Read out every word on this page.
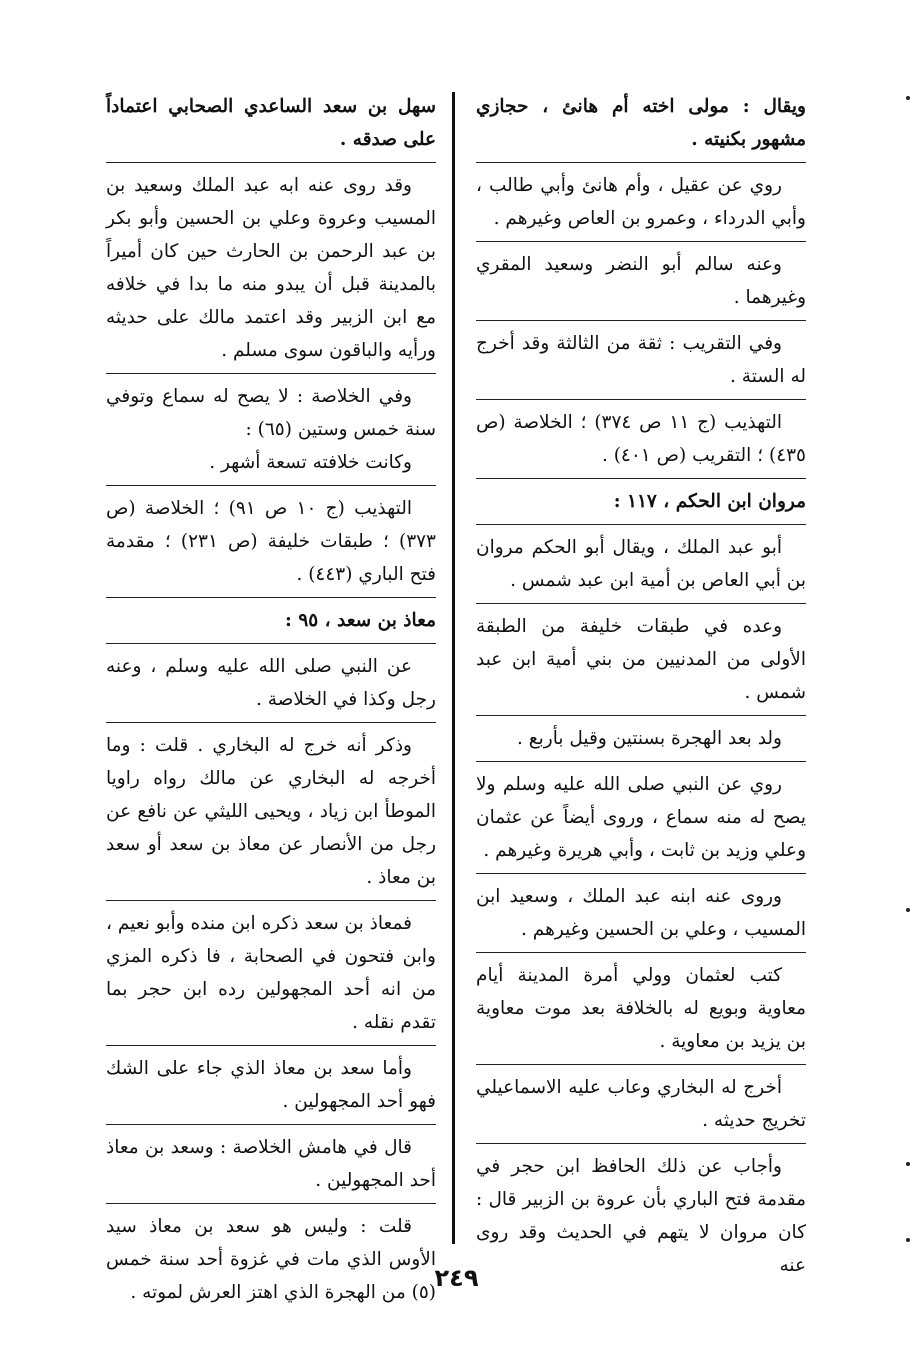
ويقال : مولى اخته أم هانئ ، حجازي مشهور بكنيته .

روي عن عقيل ، وأم هانئ وأبي طالب ، وأبي الدرداء ، وعمرو بن العاص وغيرهم .

وعنه سالم أبو النضر وسعيد المقري وغيرهما .

وفي التقريب : ثقة من الثالثة وقد أخرج له الستة .

التهذيب (ج ١١ ص ٣٧٤) ؛ الخلاصة (ص ٤٣٥) ؛ التقريب (ص ٤٠١) .

مروان ابن الحكم ، ١١٧ :

أبو عبد الملك ، ويقال أبو الحكم مروان بن أبي العاص بن أمية ابن عبد شمس .

وعده في طبقات خليفة من الطبقة الأولى من المدنيين من بني أمية ابن عبد شمس .

ولد بعد الهجرة بسنتين وقيل بأربع .

روي عن النبي صلى الله عليه وسلم ولا يصح له منه سماع ، وروى أيضاً عن عثمان وعلي وزيد بن ثابت ، وأبي هريرة وغيرهم .

وروى عنه ابنه عبد الملك ، وسعيد ابن المسيب ، وعلي بن الحسين وغيرهم .

كتب لعثمان وولي أمرة المدينة أيام معاوية وبويع له بالخلافة بعد موت معاوية بن يزيد بن معاوية .

أخرج له البخاري وعاب عليه الاسماعيلي تخريج حديثه .

وأجاب عن ذلك الحافظ ابن حجر في مقدمة فتح الباري بأن عروة بن الزبير قال : كان مروان لا يتهم في الحديث وقد روى عنه

سهل بن سعد الساعدي الصحابي اعتماداً على صدقه .

وقد روى عنه ابه عبد الملك وسعيد بن المسيب وعروة وعلي بن الحسين وأبو بكر بن عبد الرحمن بن الحارث حين كان أميراً بالمدينة قبل أن يبدو منه ما بدا في خلافه مع ابن الزبير وقد اعتمد مالك على حديثه ورأيه والباقون سوى مسلم .

وفي الخلاصة : لا يصح له سماع وتوفي سنة خمس وستين (٦٥) :

وكانت خلافته تسعة أشهر .

التهذيب (ج ١٠ ص ٩١) ؛ الخلاصة (ص ٣٧٣) ؛ طبقات خليفة (ص ٢٣١) ؛ مقدمة فتح الباري (٤٤٣) .

معاذ بن سعد ، ٩٥ :

عن النبي صلى الله عليه وسلم ، وعنه رجل وكذا في الخلاصة .

وذكر أنه خرج له البخاري . قلت : وما أخرجه له البخاري عن مالك رواه راويا الموطأ ابن زياد ، ويحيى الليثي عن نافع عن رجل من الأنصار عن معاذ بن سعد أو سعد بن معاذ .

فمعاذ بن سعد ذكره ابن منده وأبو نعيم ، وابن فتحون في الصحابة ، فا ذكره المزي من انه أحد المجهولين رده ابن حجر بما تقدم نقله .

وأما سعد بن معاذ الذي جاء على الشك فهو أحد المجهولين .

قال في هامش الخلاصة : وسعد بن معاذ أحد المجهولين .

قلت : وليس هو سعد بن معاذ سيد الأوس الذي مات في غزوة أحد سنة خمس (٥) من الهجرة الذي اهتز العرش لموته .

٢٤٩
